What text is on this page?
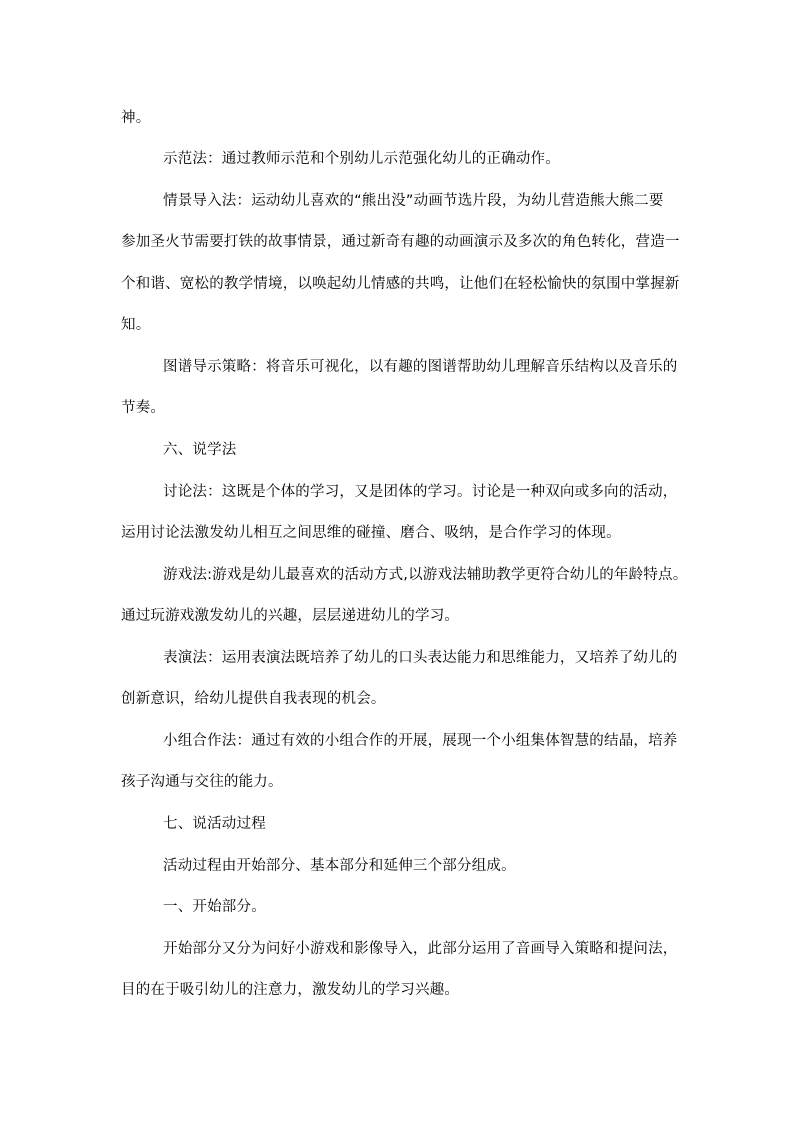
神。
示范法：通过教师示范和个别幼儿示范强化幼儿的正确动作。
情景导入法：运动幼儿喜欢的“熊出没”动画节选片段，为幼儿营造熊大熊二要
参加圣火节需要打铁的故事情景，通过新奇有趣的动画演示及多次的角色转化，营造一
个和谐、宽松的教学情境，以唤起幼儿情感的共鸣，让他们在轻松愉快的氛围中掌握新
知。
图谱导示策略：将音乐可视化，以有趣的图谱帮助幼儿理解音乐结构以及音乐的
节奏。
六、说学法
讨论法：这既是个体的学习，又是团体的学习。讨论是一种双向或多向的活动，
运用讨论法激发幼儿相互之间思维的碰撞、磨合、吸纳，是合作学习的体现。
游戏法:游戏是幼儿最喜欢的活动方式,以游戏法辅助教学更符合幼儿的年龄特点。
通过玩游戏激发幼儿的兴趣，层层递进幼儿的学习。
表演法：运用表演法既培养了幼儿的口头表达能力和思维能力，又培养了幼儿的
创新意识，给幼儿提供自我表现的机会。
小组合作法：通过有效的小组合作的开展，展现一个小组集体智慧的结晶，培养
孩子沟通与交往的能力。
七、说活动过程
活动过程由开始部分、基本部分和延伸三个部分组成。
一、开始部分。
开始部分又分为问好小游戏和影像导入，此部分运用了音画导入策略和提问法，
目的在于吸引幼儿的注意力，激发幼儿的学习兴趣。
